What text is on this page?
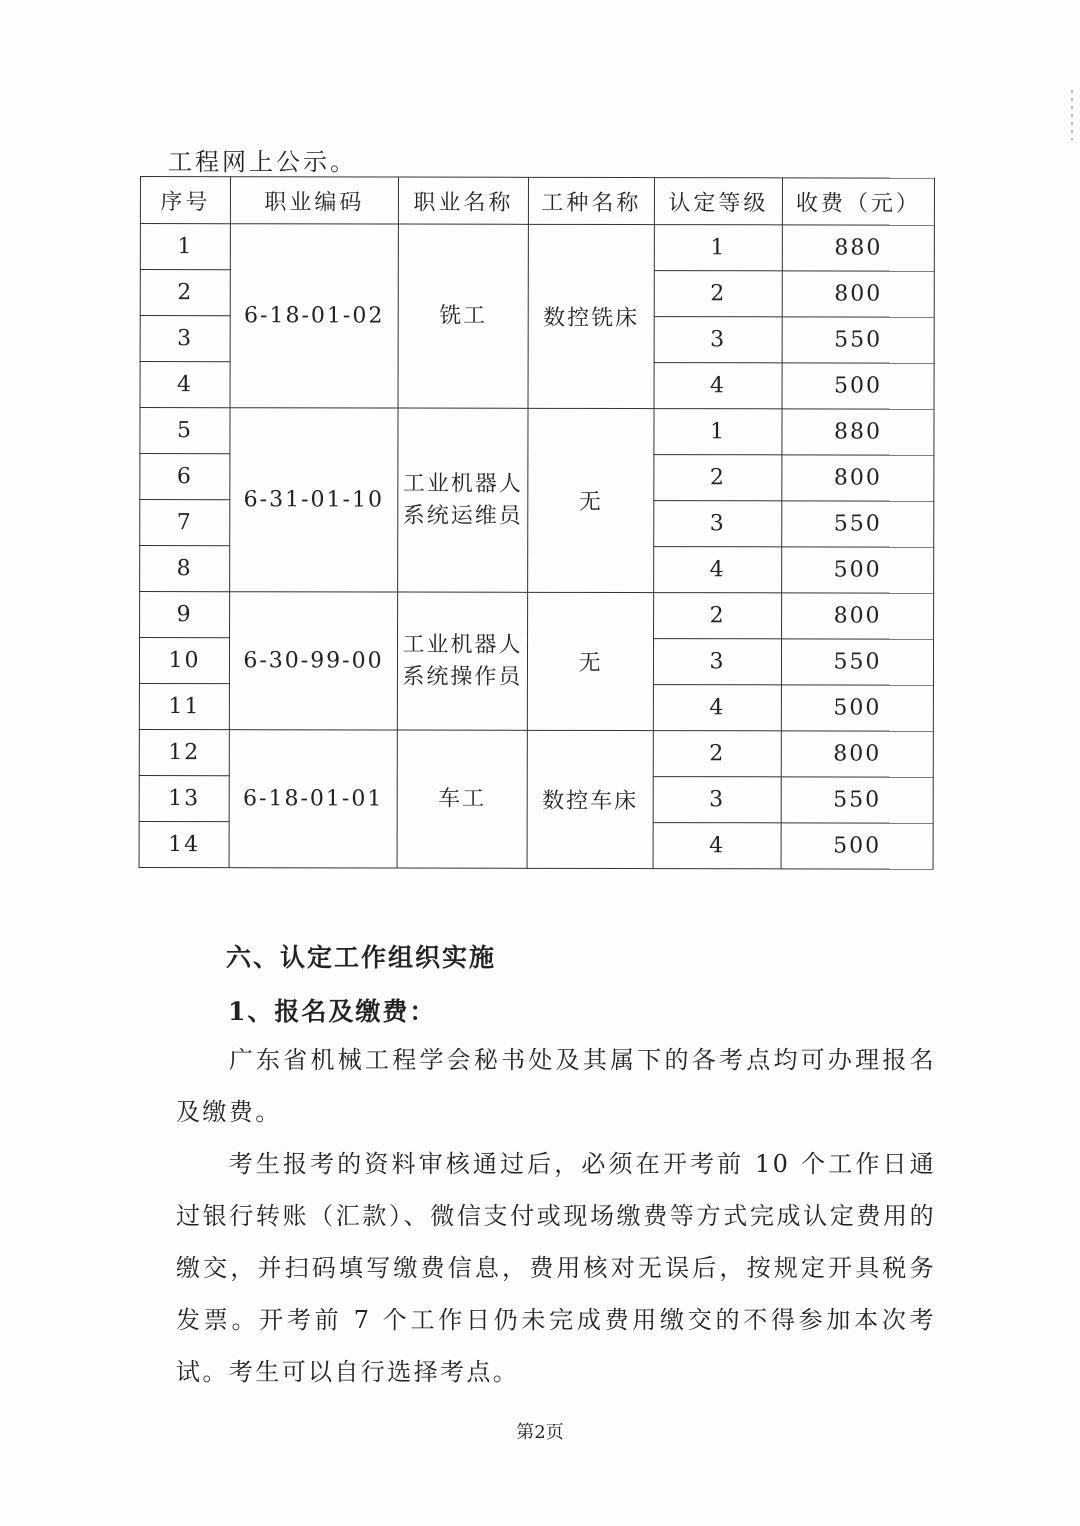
工程网上公示。
序号	职业编码	职业名称	工种名称	认定等级	收费（元）
1	6-18-01-02	铣工	数控铣床	1	880
2				2	800
3				3	550
4				4	500
5	6-31-01-10	工业机器人系统运维员	无	1	880
6				2	800
7				3	550
8				4	500
9	6-30-99-00	工业机器人系统操作员	无	2	800
10				3	550
11				4	500
12	6-18-01-01	车工	数控车床	2	800
13				3	550
14				4	500
六、认定工作组织实施
1、报名及缴费：
广东省机械工程学会秘书处及其属下的各考点均可办理报名及缴费。
考生报考的资料审核通过后，必须在开考前 10 个工作日通过银行转账（汇款）、微信支付或现场缴费等方式完成认定费用的缴交，并扫码填写缴费信息，费用核对无误后，按规定开具税务发票。开考前 7 个工作日仍未完成费用缴交的不得参加本次考试。考生可以自行选择考点。
第2页
